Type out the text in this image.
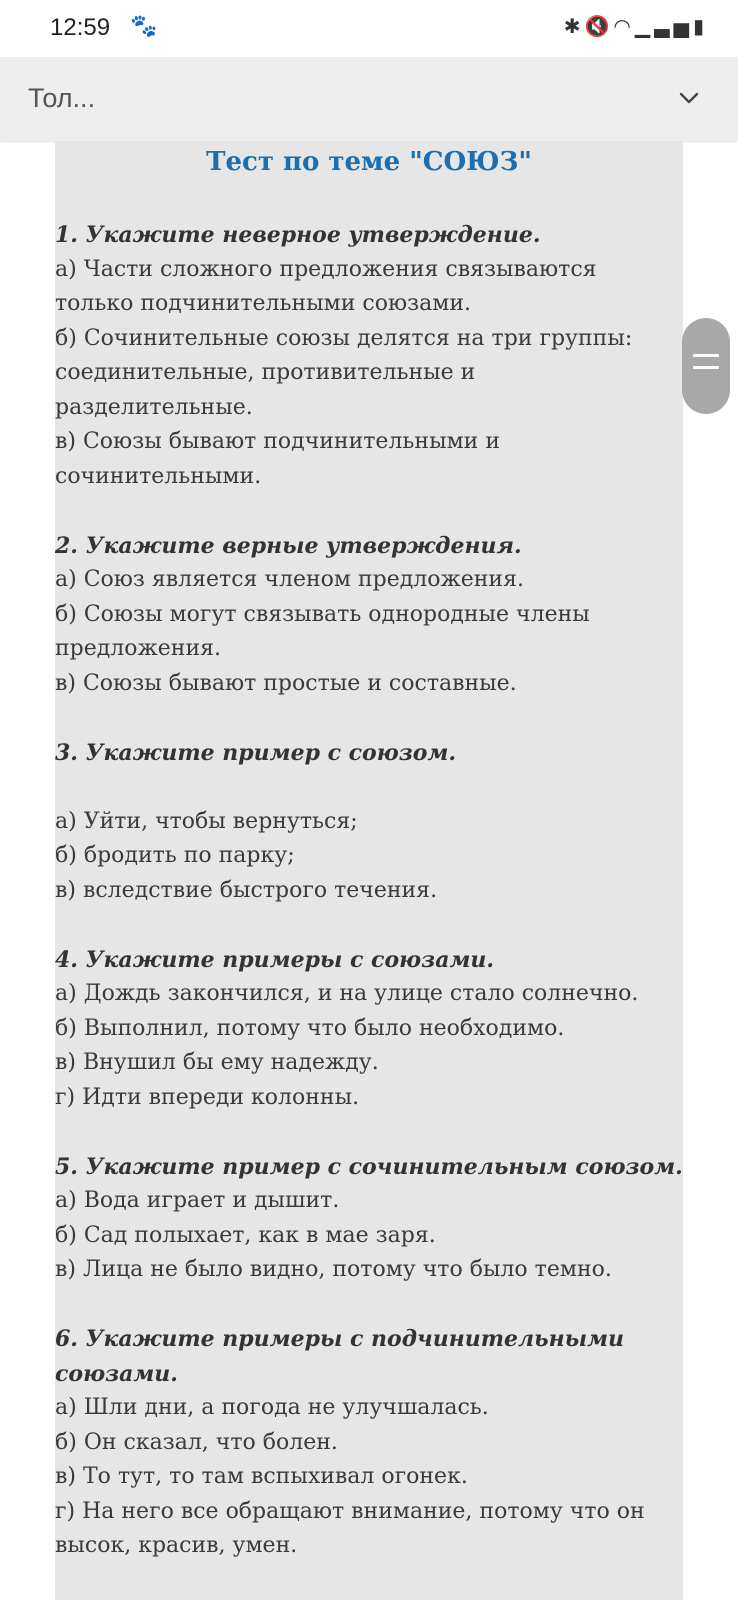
12:59 🐾	✱🔇◠▁▃▅▮
Тол...
Тест по теме "СОЮЗ"
1. Укажите неверное утверждение.
а) Части сложного предложения связываются
только подчинительными союзами.
б) Сочинительные союзы делятся на три группы:
соединительные, противительные и
разделительные.
в) Союзы бывают подчинительными и
сочинительными.
2. Укажите верные утверждения.
а) Союз является членом предложения.
б) Союзы могут связывать однородные члены
предложения.
в) Союзы бывают простые и составные.
3. Укажите пример с союзом.
а) Уйти, чтобы вернуться;
б) бродить по парку;
в) вследствие быстрого течения.
4. Укажите примеры с союзами.
а) Дождь закончился, и на улице стало солнечно.
б) Выполнил, потому что было необходимо.
в) Внушил бы ему надежду.
г) Идти впереди колонны.
5. Укажите пример с сочинительным союзом.
а) Вода играет и дышит.
б) Сад полыхает, как в мае заря.
в) Лица не было видно, потому что было темно.
6. Укажите примеры с подчинительными
союзами.
а) Шли дни, а погода не улучшалась.
б) Он сказал, что болен.
в) То тут, то там вспыхивал огонек.
г) На него все обращают внимание, потому что он
высок, красив, умен.
